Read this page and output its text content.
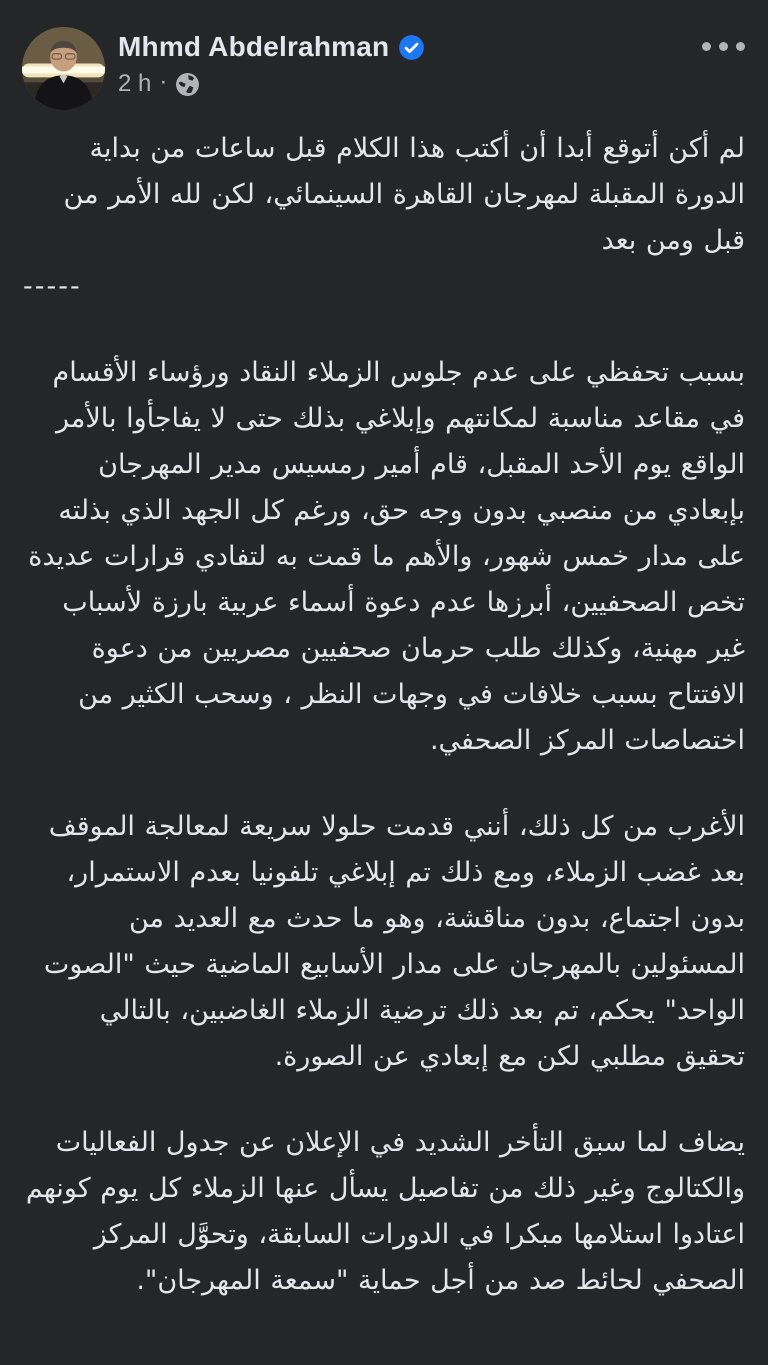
Mhmd Abdelrahman
2 h ·
لم أكن أتوقع أبدا أن أكتب هذا الكلام قبل ساعات من بداية الدورة المقبلة لمهرجان القاهرة السينمائي، لكن لله الأمر من قبل ومن بعد
-----
بسبب تحفظي على عدم جلوس الزملاء النقاد ورؤساء الأقسام في مقاعد مناسبة لمكانتهم وإبلاغي بذلك حتى لا يفاجأوا بالأمر الواقع يوم الأحد المقبل، قام أمير رمسيس مدير المهرجان بإبعادي من منصبي بدون وجه حق، ورغم كل الجهد الذي بذلته على مدار خمس شهور، والأهم ما قمت به لتفادي قرارات عديدة تخص الصحفيين، أبرزها عدم دعوة أسماء عربية بارزة لأسباب غير مهنية، وكذلك طلب حرمان صحفيين مصريين من دعوة الافتتاح بسبب خلافات في وجهات النظر ، وسحب الكثير من اختصاصات المركز الصحفي.
الأغرب من كل ذلك، أنني قدمت حلولا سريعة لمعالجة الموقف بعد غضب الزملاء، ومع ذلك تم إبلاغي تلفونيا بعدم الاستمرار، بدون اجتماع، بدون مناقشة، وهو ما حدث مع العديد من المسئولين بالمهرجان على مدار الأسابيع الماضية حيث "الصوت الواحد" يحكم، تم بعد ذلك ترضية الزملاء الغاضبين، بالتالي تحقيق مطلبي لكن مع إبعادي عن الصورة.
يضاف لما سبق التأخر الشديد في الإعلان عن جدول الفعاليات والكتالوج وغير ذلك من تفاصيل يسأل عنها الزملاء كل يوم كونهم اعتادوا استلامها مبكرا في الدورات السابقة، وتحوَّل المركز الصحفي لحائط صد من أجل حماية "سمعة المهرجان".
